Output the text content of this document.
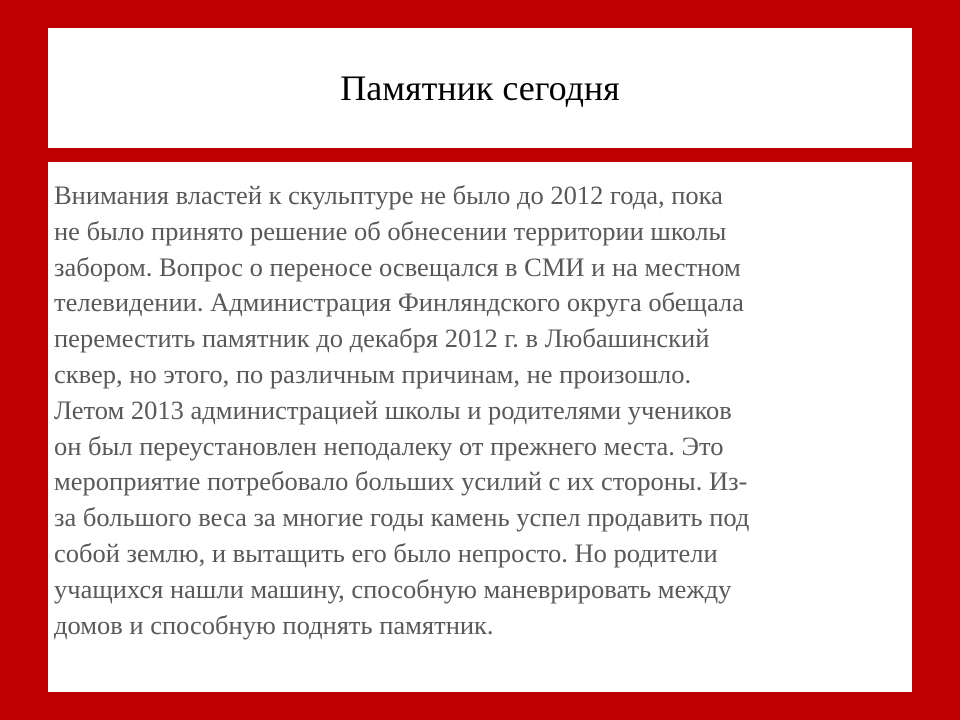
Памятник сегодня

Внимания властей к скульптуре не было до 2012 года, пока
не было принято решение об обнесении территории школы
забором. Вопрос о переносе освещался в СМИ и на местном
телевидении. Администрация Финляндского округа обещала
переместить памятник до декабря 2012 г. в Любашинский
сквер, но этого, по различным причинам, не произошло.
Летом 2013 администрацией школы и родителями учеников
он был переустановлен неподалеку от прежнего места. Это
мероприятие потребовало больших усилий с их стороны. Из-
за большого веса за многие годы камень успел продавить под
собой землю, и вытащить его было непросто. Но родители
учащихся нашли машину, способную маневрировать между
домов и способную поднять памятник.
